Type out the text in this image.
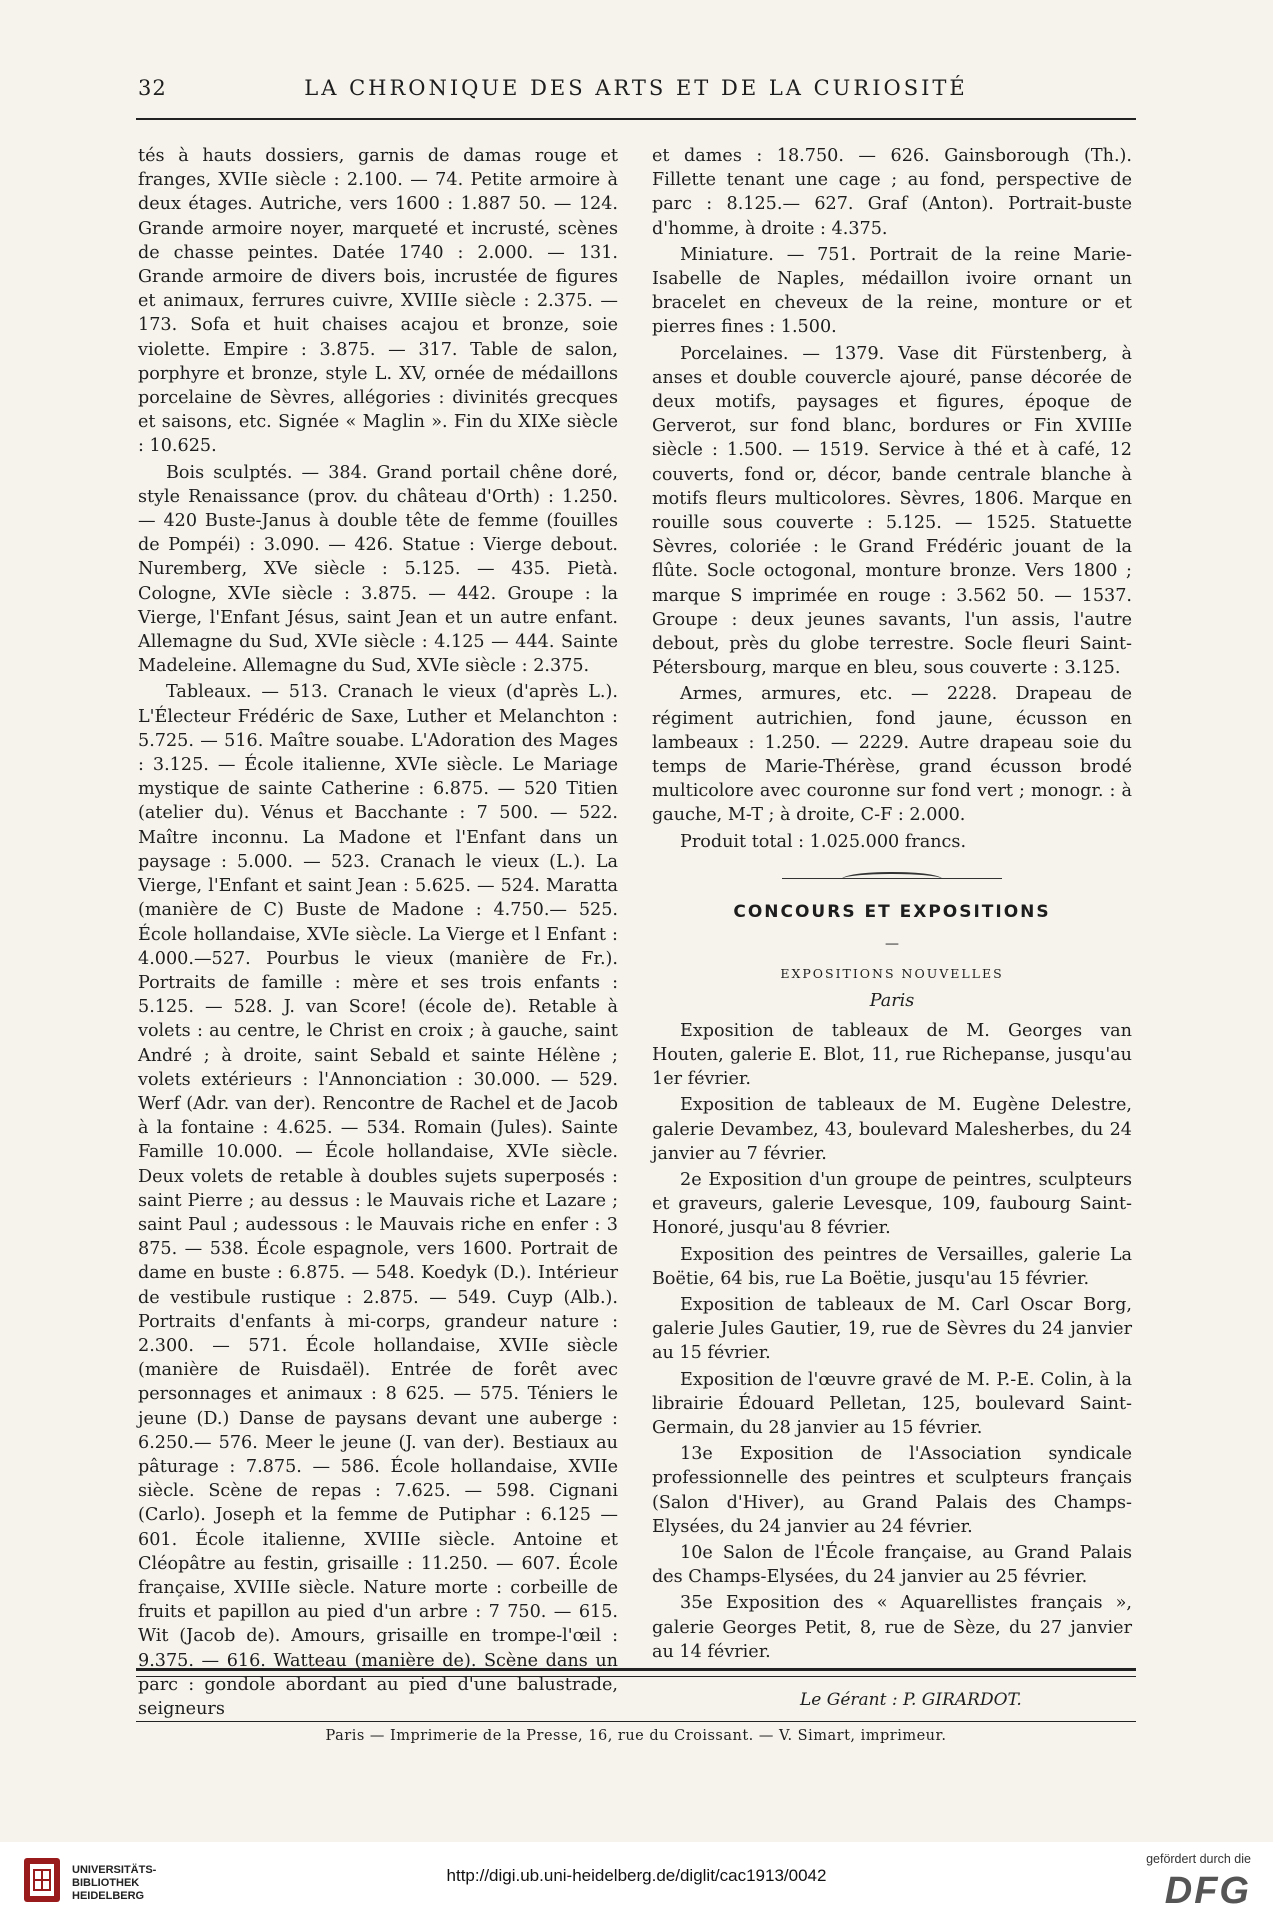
32	LA CHRONIQUE DES ARTS ET DE LA CURIOSITÉ

tés à hauts dossiers, garnis de damas rouge et franges, XVIIe siècle : 2.100. — 74. Petite armoire à deux étages. Autriche, vers 1600 : 1.887 50. — 124. Grande armoire noyer, marqueté et incrusté, scènes de chasse peintes. Datée 1740 : 2.000. — 131. Grande armoire de divers bois, incrustée de figures et animaux, ferrures cuivre, XVIIIe siècle : 2.375. — 173. Sofa et huit chaises acajou et bronze, soie violette. Empire : 3.875. — 317. Table de salon, porphyre et bronze, style L. XV, ornée de médaillons porcelaine de Sèvres, allégories : divinités grecques et saisons, etc. Signée « Maglin ». Fin du XIXe siècle : 10.625.

Bois sculptés. — 384. Grand portail chêne doré, style Renaissance (prov. du château d'Orth) : 1.250. — 420 Buste-Janus à double tête de femme (fouilles de Pompéi) : 3.090. — 426. Statue : Vierge debout. Nuremberg, XVe siècle : 5.125. — 435. Pietà. Cologne, XVIe siècle : 3.875. — 442. Groupe : la Vierge, l'Enfant Jésus, saint Jean et un autre enfant. Allemagne du Sud, XVIe siècle : 4.125 — 444. Sainte Madeleine. Allemagne du Sud, XVIe siècle : 2.375.

Tableaux. — 513. Cranach le vieux (d'après L.). L'Électeur Frédéric de Saxe, Luther et Melanchton : 5.725. — 516. Maître souabe. L'Adoration des Mages : 3.125. — École italienne, XVIe siècle. Le Mariage mystique de sainte Catherine : 6.875. — 520 Titien (atelier du). Vénus et Bacchante : 7 500. — 522. Maître inconnu. La Madone et l'Enfant dans un paysage : 5.000. — 523. Cranach le vieux (L.). La Vierge, l'Enfant et saint Jean : 5.625. — 524. Maratta (manière de C) Buste de Madone : 4.750.— 525. École hollandaise, XVIe siècle. La Vierge et l Enfant : 4.000.—527. Pourbus le vieux (manière de Fr.). Portraits de famille : mère et ses trois enfants : 5.125. — 528. J. van Score! (école de). Retable à volets : au centre, le Christ en croix ; à gauche, saint André ; à droite, saint Sebald et sainte Hélène ; volets extérieurs : l'Annonciation : 30.000. — 529. Werf (Adr. van der). Rencontre de Rachel et de Jacob à la fontaine : 4.625. — 534. Romain (Jules). Sainte Famille 10.000. — École hollandaise, XVIe siècle. Deux volets de retable à doubles sujets superposés : saint Pierre ; au dessus : le Mauvais riche et Lazare ; saint Paul ; audessous : le Mauvais riche en enfer : 3 875. — 538. École espagnole, vers 1600. Portrait de dame en buste : 6.875. — 548. Koedyk (D.). Intérieur de vestibule rustique : 2.875. — 549. Cuyp (Alb.). Portraits d'enfants à mi-corps, grandeur nature : 2.300. — 571. École hollandaise, XVIIe siècle (manière de Ruisdaël). Entrée de forêt avec personnages et animaux : 8 625. — 575. Téniers le jeune (D.) Danse de paysans devant une auberge : 6.250.— 576. Meer le jeune (J. van der). Bestiaux au pâturage : 7.875. — 586. École hollandaise, XVIIe siècle. Scène de repas : 7.625. — 598. Cignani (Carlo). Joseph et la femme de Putiphar : 6.125 — 601. École italienne, XVIIIe siècle. Antoine et Cléopâtre au festin, grisaille : 11.250. — 607. École française, XVIIIe siècle. Nature morte : corbeille de fruits et papillon au pied d'un arbre : 7 750. — 615. Wit (Jacob de). Amours, grisaille en trompe-l'œil : 9.375. — 616. Watteau (manière de). Scène dans un parc : gondole abordant au pied d'une balustrade, seigneurs

et dames : 18.750. — 626. Gainsborough (Th.). Fillette tenant une cage ; au fond, perspective de parc : 8.125.— 627. Graf (Anton). Portrait-buste d'homme, à droite : 4.375.

Miniature. — 751. Portrait de la reine Marie-Isabelle de Naples, médaillon ivoire ornant un bracelet en cheveux de la reine, monture or et pierres fines : 1.500.

Porcelaines. — 1379. Vase dit Fürstenberg, à anses et double couvercle ajouré, panse décorée de deux motifs, paysages et figures, époque de Gerverot, sur fond blanc, bordures or Fin XVIIIe siècle : 1.500. — 1519. Service à thé et à café, 12 couverts, fond or, décor, bande centrale blanche à motifs fleurs multicolores. Sèvres, 1806. Marque en rouille sous couverte : 5.125. — 1525. Statuette Sèvres, coloriée : le Grand Frédéric jouant de la flûte. Socle octogonal, monture bronze. Vers 1800 ; marque S imprimée en rouge : 3.562 50. — 1537. Groupe : deux jeunes savants, l'un assis, l'autre debout, près du globe terrestre. Socle fleuri Saint-Pétersbourg, marque en bleu, sous couverte : 3.125.

Armes, armures, etc. — 2228. Drapeau de régiment autrichien, fond jaune, écusson en lambeaux : 1.250. — 2229. Autre drapeau soie du temps de Marie-Thérèse, grand écusson brodé multicolore avec couronne sur fond vert ; monogr. : à gauche, M-T ; à droite, C-F : 2.000.

Produit total : 1.025.000 francs.

CONCOURS ET EXPOSITIONS
—
EXPOSITIONS NOUVELLES
Paris

Exposition de tableaux de M. Georges van Houten, galerie E. Blot, 11, rue Richepanse, jusqu'au 1er février.

Exposition de tableaux de M. Eugène Delestre, galerie Devambez, 43, boulevard Malesherbes, du 24 janvier au 7 février.

2e Exposition d'un groupe de peintres, sculpteurs et graveurs, galerie Levesque, 109, faubourg Saint-Honoré, jusqu'au 8 février.

Exposition des peintres de Versailles, galerie La Boëtie, 64 bis, rue La Boëtie, jusqu'au 15 février.

Exposition de tableaux de M. Carl Oscar Borg, galerie Jules Gautier, 19, rue de Sèvres du 24 janvier au 15 février.

Exposition de l'œuvre gravé de M. P.-E. Colin, à la librairie Édouard Pelletan, 125, boulevard Saint-Germain, du 28 janvier au 15 février.

13e Exposition de l'Association syndicale professionnelle des peintres et sculpteurs français (Salon d'Hiver), au Grand Palais des Champs-Elysées, du 24 janvier au 24 février.

10e Salon de l'École française, au Grand Palais des Champs-Elysées, du 24 janvier au 25 février.

35e Exposition des « Aquarellistes français », galerie Georges Petit, 8, rue de Sèze, du 27 janvier au 14 février.

Le Gérant : P. GIRARDOT.
Paris — Imprimerie de la Presse, 16, rue du Croissant. — V. Simart, imprimeur.
UNIVERSITÄTS-
BIBLIOTHEK
HEIDELBERG
http://digi.ub.uni-heidelberg.de/diglit/cac1913/0042
gefördert durch die
DFG
